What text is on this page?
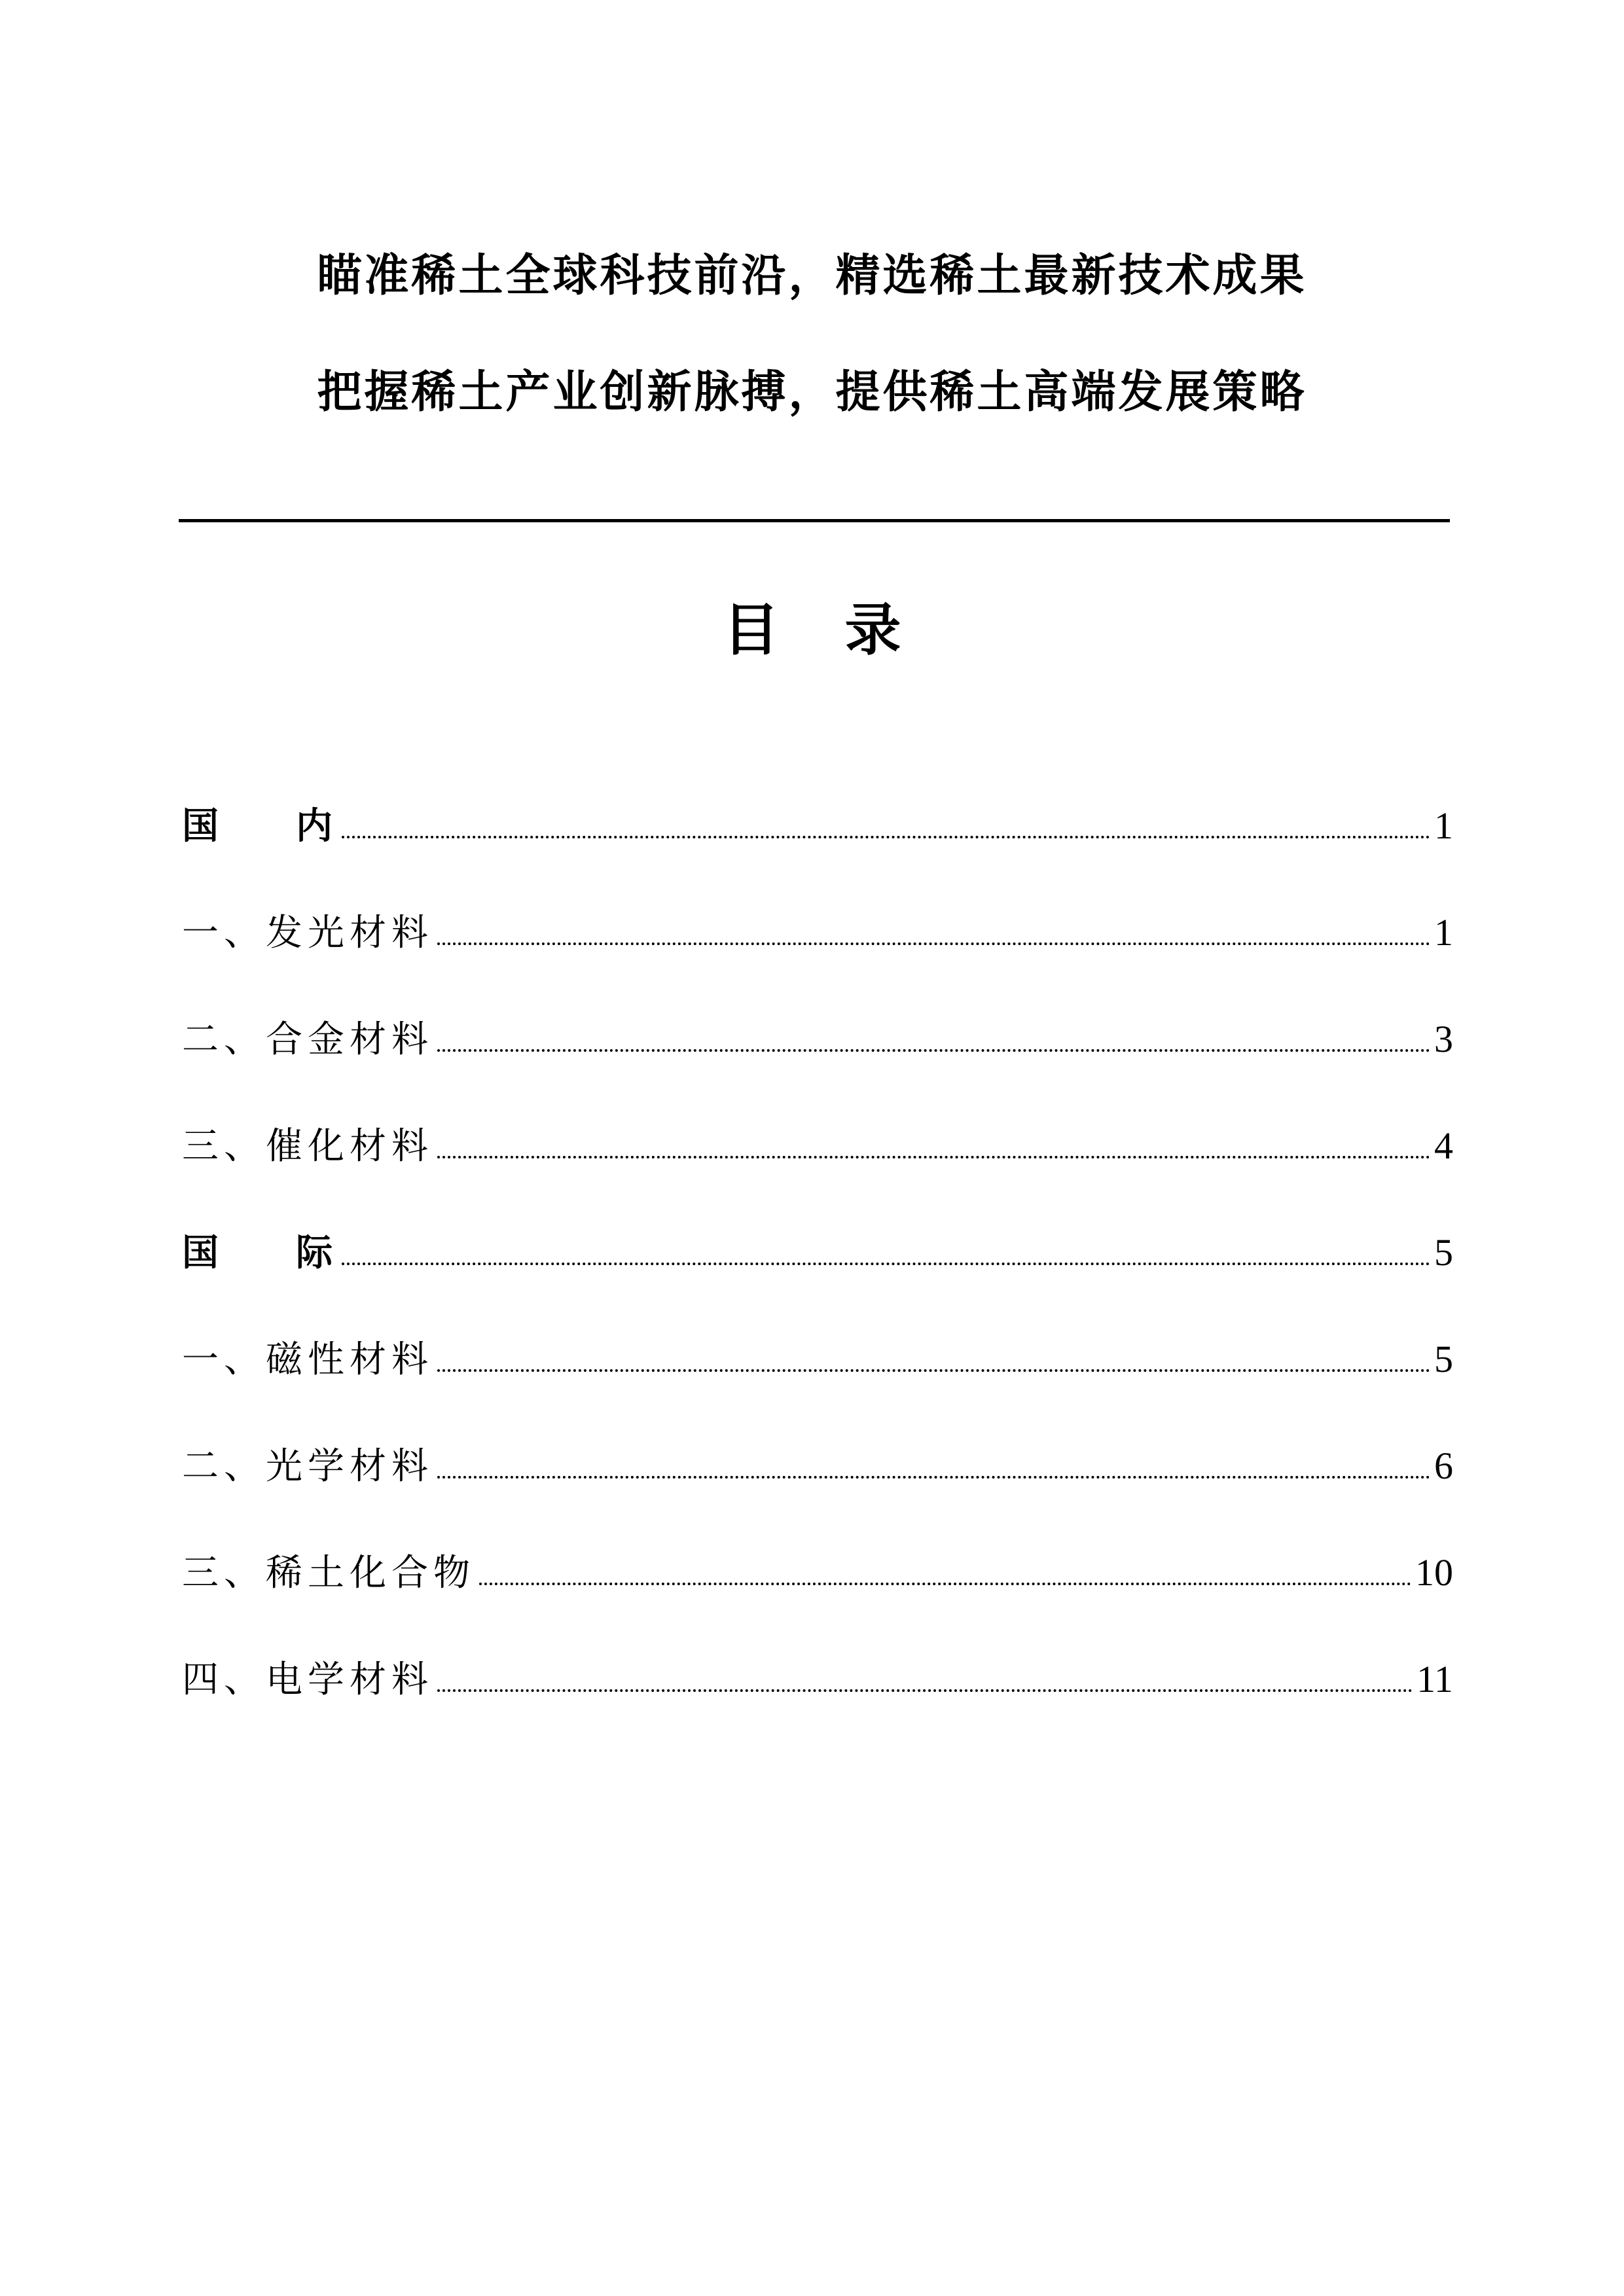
瞄准稀土全球科技前沿，精选稀土最新技术成果
把握稀土产业创新脉搏，提供稀土高端发展策略
目 录
国    内	1
一、发光材料	1
二、合金材料	3
三、催化材料	4
国    际	5
一、磁性材料	5
二、光学材料	6
三、稀土化合物	10
四、电学材料	11
